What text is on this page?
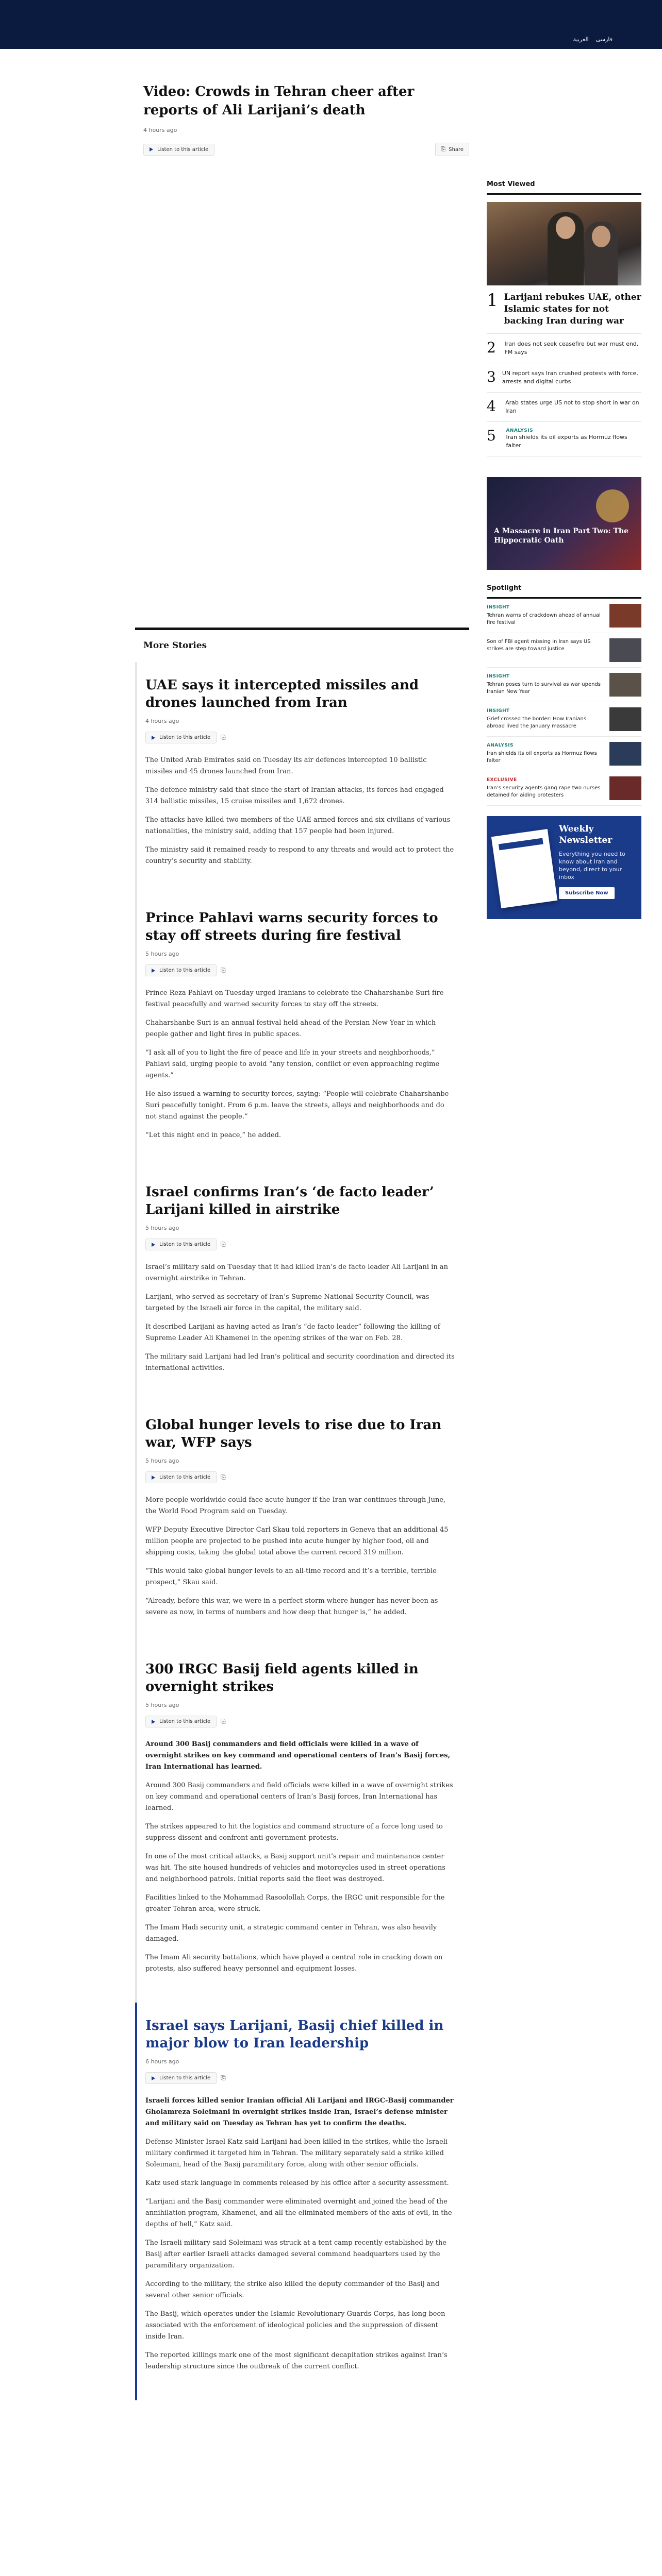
العربية فارسی
Video: Crowds in Tehran cheer after reports of Ali Larijani’s death
4 hours ago
Listen to this article	⎘ Share
More Stories
UAE says it intercepted missiles and drones launched from Iran
4 hours ago
Listen to this article ⎘

The United Arab Emirates said on Tuesday its air defences intercepted 10 ballistic missiles and 45 drones launched from Iran.

The defence ministry said that since the start of Iranian attacks, its forces had engaged 314 ballistic missiles, 15 cruise missiles and 1,672 drones.

The attacks have killed two members of the UAE armed forces and six civilians of various nationalities, the ministry said, adding that 157 people had been injured.

The ministry said it remained ready to respond to any threats and would act to protect the country’s security and stability.

Prince Pahlavi warns security forces to stay off streets during fire festival
5 hours ago
Listen to this article ⎘

Prince Reza Pahlavi on Tuesday urged Iranians to celebrate the Chaharshanbe Suri fire festival peacefully and warned security forces to stay off the streets.

Chaharshanbe Suri is an annual festival held ahead of the Persian New Year in which people gather and light fires in public spaces.

“I ask all of you to light the fire of peace and life in your streets and neighborhoods,” Pahlavi said, urging people to avoid “any tension, conflict or even approaching regime agents.”

He also issued a warning to security forces, saying: “People will celebrate Chaharshanbe Suri peacefully tonight. From 6 p.m. leave the streets, alleys and neighborhoods and do not stand against the people.”

“Let this night end in peace,” he added.

Israel confirms Iran’s ‘de facto leader’ Larijani killed in airstrike
5 hours ago
Listen to this article ⎘

Israel’s military said on Tuesday that it had killed Iran’s de facto leader Ali Larijani in an overnight airstrike in Tehran.

Larijani, who served as secretary of Iran’s Supreme National Security Council, was targeted by the Israeli air force in the capital, the military said.

It described Larijani as having acted as Iran’s “de facto leader” following the killing of Supreme Leader Ali Khamenei in the opening strikes of the war on Feb. 28.

The military said Larijani had led Iran’s political and security coordination and directed its international activities.

Global hunger levels to rise due to Iran war, WFP says
5 hours ago
Listen to this article ⎘

More people worldwide could face acute hunger if the Iran war continues through June, the World Food Program said on Tuesday.

WFP Deputy Executive Director Carl Skau told reporters in Geneva that an additional 45 million people are projected to be pushed into acute hunger by higher food, oil and shipping costs, taking the global total above the current record 319 million.

“This would take global hunger levels to an all-time record and it’s a terrible, terrible prospect,” Skau said.

“Already, before this war, we were in a perfect storm where hunger has never been as severe as now, in terms of numbers and how deep that hunger is,” he added.

300 IRGC Basij field agents killed in overnight strikes
5 hours ago
Listen to this article ⎘

Around 300 Basij commanders and field officials were killed in a wave of overnight strikes on key command and operational centers of Iran’s Basij forces, Iran International has learned.

Around 300 Basij commanders and field officials were killed in a wave of overnight strikes on key command and operational centers of Iran’s Basij forces, Iran International has learned.

The strikes appeared to hit the logistics and command structure of a force long used to suppress dissent and confront anti-government protests.

In one of the most critical attacks, a Basij support unit’s repair and maintenance center was hit. The site housed hundreds of vehicles and motorcycles used in street operations and neighborhood patrols. Initial reports said the fleet was destroyed.

Facilities linked to the Mohammad Rasoolollah Corps, the IRGC unit responsible for the greater Tehran area, were struck.

The Imam Hadi security unit, a strategic command center in Tehran, was also heavily damaged.

The Imam Ali security battalions, which have played a central role in cracking down on protests, also suffered heavy personnel and equipment losses.

Israel says Larijani, Basij chief killed in major blow to Iran leadership
6 hours ago
Listen to this article ⎘

Israeli forces killed senior Iranian official Ali Larijani and IRGC-Basij commander Gholamreza Soleimani in overnight strikes inside Iran, Israel’s defense minister and military said on Tuesday as Tehran has yet to confirm the deaths.

Defense Minister Israel Katz said Larijani had been killed in the strikes, while the Israeli military confirmed it targeted him in Tehran. The military separately said a strike killed Soleimani, head of the Basij paramilitary force, along with other senior officials.

Katz used stark language in comments released by his office after a security assessment.

“Larijani and the Basij commander were eliminated overnight and joined the head of the annihilation program, Khamenei, and all the eliminated members of the axis of evil, in the depths of hell,” Katz said.

The Israeli military said Soleimani was struck at a tent camp recently established by the Basij after earlier Israeli attacks damaged several command headquarters used by the paramilitary organization.

According to the military, the strike also killed the deputy commander of the Basij and several other senior officials.

The Basij, which operates under the Islamic Revolutionary Guards Corps, has long been associated with the enforcement of ideological policies and the suppression of dissent inside Iran.

The reported killings mark one of the most significant decapitation strikes against Iran’s leadership structure since the outbreak of the current conflict.

Most Viewed
1 Larijani rebukes UAE, other Islamic states for not backing Iran during war
2	Iran does not seek ceasefire but war must end, FM says
3 UN report says Iran crushed protests with force, arrests and digital curbs
4	Arab states urge US not to stop short in war on Iran
5	ANALYSIS
Iran shields its oil exports as Hormuz flows falter
A Massacre in Iran Part Two: The Hippocratic Oath
Spotlight
INSIGHT
Tehran warns of crackdown ahead of annual fire festival
Son of FBI agent missing in Iran says US strikes are step toward justice
INSIGHT
Tehran poses turn to survival as war upends Iranian New Year
INSIGHT
Grief crossed the border: How Iranians abroad lived the January massacre
ANALYSIS
Iran shields its oil exports as Hormuz flows falter
EXCLUSIVE
Iran’s security agents gang rape two nurses detained for aiding protesters
Weekly Newsletter
Everything you need to know about Iran and beyond, direct to your inbox
Subscribe Now
